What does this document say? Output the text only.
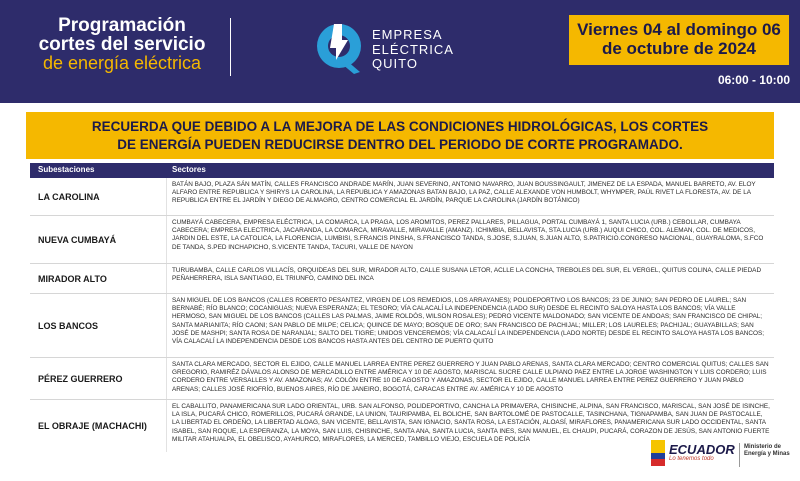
Programación
cortes del servicio
de energía eléctrica
EMPRESA
ELÉCTRICA
QUITO
Viernes 04 al domingo 06
de octubre de 2024
06:00 - 10:00
RECUERDA QUE DEBIDO A LA MEJORA DE LAS CONDICIONES HIDROLÓGICAS, LOS CORTES
DE ENERGÍA PUEDEN REDUCIRSE DENTRO DEL PERIODO DE CORTE PROGRAMADO.
Subestaciones	Sectores
LA CAROLINA
BATÁN BAJO, PLAZA SÁN MATÍN, CALLES FRANCISCO ANDRADE MARÍN, JUAN SEVERINO, ANTONIO NAVARRO, JUAN BOUSSINGAULT, JIMENEZ DE LA ESPADA, MANUEL BARRETO, AV. ELOY ALFARO ENTRE REPUBLICA Y SHIRYS LA CAROLINA, LA REPUBLICA Y AMAZONAS BATAN BAJO, LA PAZ, CALLE ALEXANDE VON HUMBOLT, WHYMPER, PAÚL RIVET LA FLORESTA, AV. DE LA REPUBLICA ENTRE EL JARDÍN Y DIEGO DE ALMAGRO, CENTRO COMERCIAL EL JARDÍN, PARQUE LA CAROLINA (JARDÍN BOTÁNICO)
NUEVA CUMBAYÁ
CUMBAYÁ CABECERA, EMPRESA ELÉCTRICA, LA COMARCA, LA PRAGA, LOS AROMITOS, PEREZ PALLARES, PILLAGUA, PORTAL CUMBAYÁ 1, SANTA LUCIA (URB.) CEBOLLAR, CUMBAYA CABECERA; EMPRESA ELECTRICA, JACARANDA, LA COMARCA, MIRAVALLE, MIRAVALLE (AMANZ). ICHIMBIA, BELLAVISTA, STA.LUCIA (URB.) AUQUI CHICO, COL. ALEMAN, COL. DE MEDICOS, JARDIN DEL ESTE, LA CATOLICA, LA FLORENCIA, LUMBISI, S.FRANCIS PINSHA, S.FRANCISCO TANDA, S.JOSE, S.JUAN, S.JUAN ALTO, S.PATRICIO.CONGRESO NACIONAL, GUAYRALOMA, S.FCO DE TANDA, S.PED INCHAPICHO, S.VICENTE TANDA, TACURI, VALLE DE NAYON
MIRADOR ALTO
TURUBAMBA, CALLE CARLOS VILLACÍS, ORQUIDEAS DEL SUR, MIRADOR ALTO, CALLE SUSANA LETOR, ACLLE LA CONCHA, TREBOLES DEL SUR, EL VERGEL, QUITUS COLINA, CALLE PIEDAD PEÑAHERRERA, ISLA SANTIAGO, EL TRIUNFO, CAMINO DEL INCA
LOS BANCOS
SAN MIGUEL DE LOS BANCOS (CALLES ROBERTO PESANTEZ, VIRGEN DE LOS REMEDIOS, LOS ARRAYANES); POLIDEPORTIVO LOS BANCOS; 23 DE JUNIO; SAN PEDRO DE LAUREL; SAN BERNABÉ; RÍO BLANCO; COCANIGUAS; NUEVA ESPERANZA; EL TESORO; VÍA CALACALÍ LA INDEPENDENCIA (LADO SUR) DESDE EL RECINTO SALOYA HASTA LOS BANCOS; VÍA VALLE HERMOSO, SAN MIGUEL DE LOS BANCOS (CALLES LAS PALMAS, JAIME ROLDÓS, WILSON ROSALES); PEDRO VICENTE MALDONADO; SAN VICENTE DE ANDOAS; SAN FRANCISCO DE CHIPAL; SANTA MARIANITA; RÍO CAONI; SAN PABLO DE MILPE; CELICA; QUINCE DE MAYO; BOSQUE DE ORO; SAN FRANCISCO DE PACHIJAL; MILLER; LOS LAURELES; PACHIJAL; GUAYABILLAS; SAN JOSÉ DE MASHPI; SANTA ROSA DE NARANJAL; SALTO DEL TIGRE; UNIDOS VENCEREMOS; VÍA CALACALÍ LA INDEPENDENCIA (LADO NORTE) DESDE EL RECINTO SALOYA HASTA LOS BANCOS; VÍA CALACALÍ LA INDEPENDENCIA DESDE LOS BANCOS HASTA ANTES DEL CENTRO DE PUERTO QUITO
PÉREZ GUERRERO
SANTA CLARA MERCADO, SECTOR EL EJIDO, CALLE MANUEL LARREA ENTRE PEREZ GUERRERO Y JUAN PABLO ARENAS, SANTA CLARA MERCADO; CENTRO COMERCIAL QUITUS; CALLES SAN GREGORIO, RAMIRÉZ DÁVALOS ALONSO DE MERCADILLO ENTRE AMÉRICA Y 10 DE AGOSTO, MARISCAL SUCRE CALLE ULPIANO PAEZ ENTRE LA JORGE WASHINGTON Y LUIS CORDERO; LUIS CORDERO ENTRE VERSALLES Y AV. AMAZONAS; AV. COLÓN ENTRE 10 DE AGOSTO Y AMAZONAS, SECTOR EL EJIDO, CALLE MANUEL LARREA ENTRE PEREZ GUERRERO Y JUAN PABLO ARENAS; CALLES JOSÉ RIOFRÍO, BUENOS AIRES, RÍO DE JANEIRO, BOGOTÁ, CARACAS ENTRE AV. AMÉRICA Y 10 DE AGOSTO
EL OBRAJE (MACHACHI)
EL CABALLITO, PANAMERICANA SUR LADO ORIENTAL, URB. SAN ALFONSO, POLIDEPORTIVO, CANCHA LA PRIMAVERA, CHISINCHE, ALPINA, SAN FRANCISCO, MARISCAL, SAN JOSÉ DE ISINCHE, LA ISLA, PUCARÁ CHICO, ROMERILLOS, PUCARÁ GRANDE, LA UNION, TAURIPAMBA, EL BOLICHE, SAN BARTOLOMÉ DE PASTOCALLE, TASINCHANA, TIGNAPAMBA, SAN JUAN DE PASTOCALLE, LA LIBERTAD EL ORDEÑO, LA LIBERTAD ALOAG, SAN VICENTE, BELLAVISTA, SAN IGNACIO, SANTA ROSA, LA ESTACIÓN, ALOASÍ, MIRAFLORES, PANAMERICANA SUR LADO OCCIDENTAL, SANTA ISABEL, SAN ROQUE, LA ESPERANZA, LA MOYA, SAN LUIS, CHISINCHE, SANTA ANA, SANTA LUCIA, SANTA INES, SAN MANUEL, EL CHAUPI, PUCARÁ, CORAZON DE JESÚS, SAN ANTONIO FUERTE MILITAR ATAHUALPA, EL OBELISCO, AYAHURCO, MIRAFLORES, LA MERCED, TAMBILLO VIEJO, ESCUELA DE POLICÍA
ECUADOR
Lo tenemos todo
Ministerio de
Energía y Minas
